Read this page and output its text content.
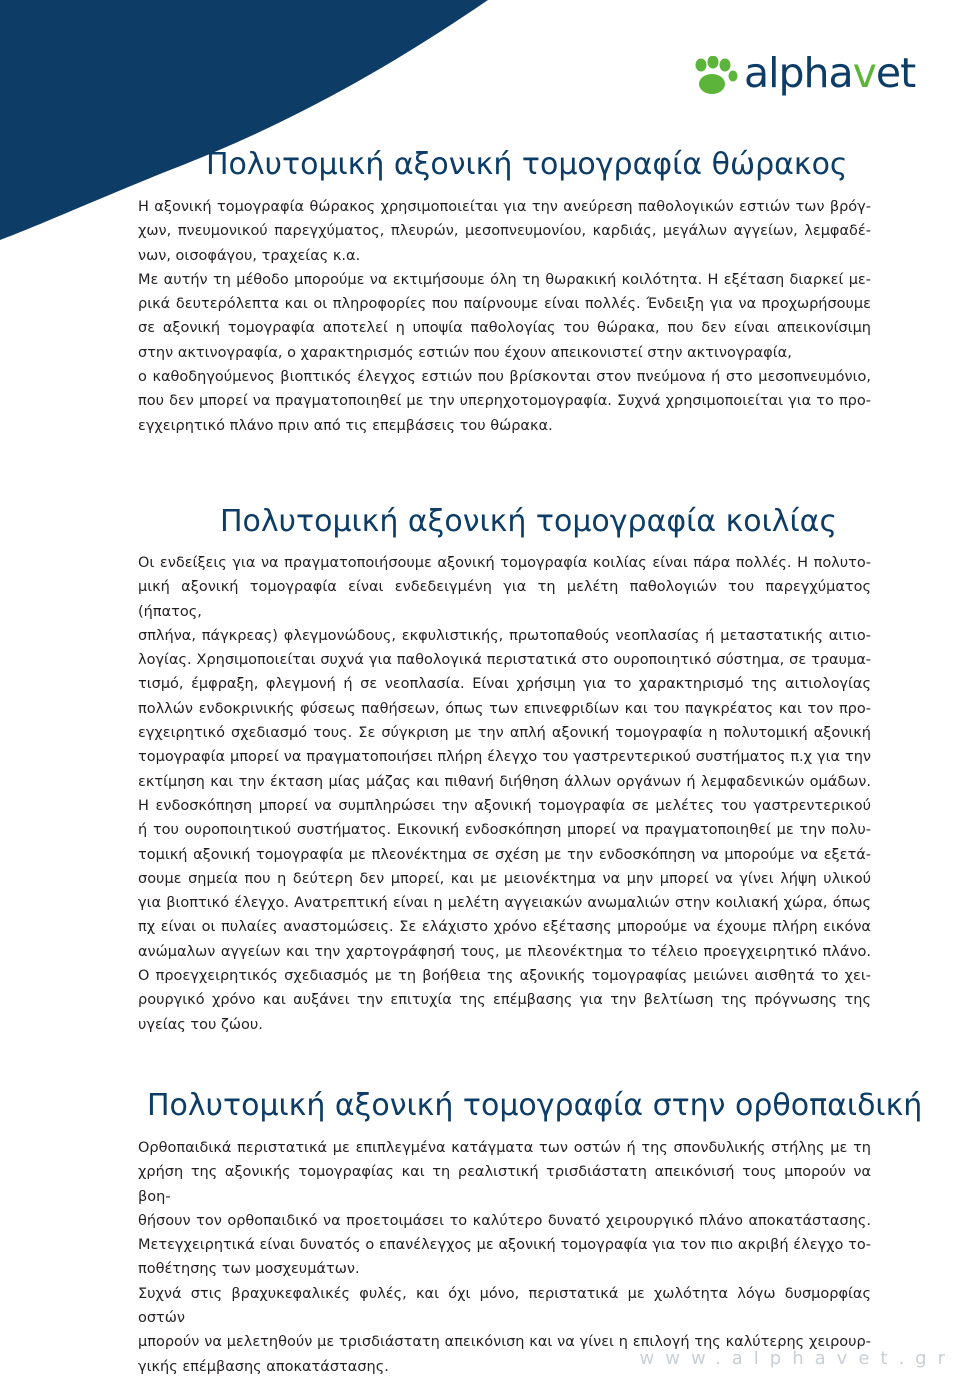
alphavet
Πολυτομική αξονική τομογραφία θώρακος
Η αξονική τομογραφία θώρακος χρησιμοποιείται για την ανεύρεση παθολογικών εστιών των βρόγ-
χων, πνευμονικού παρεγχύματος, πλευρών, μεσοπνευμονίου, καρδιάς, μεγάλων αγγείων, λεμφαδέ-
νων, οισοφάγου, τραχείας κ.α.
Με αυτήν τη μέθοδο μπορούμε να εκτιμήσουμε όλη τη θωρακική κοιλότητα. Η εξέταση διαρκεί με-
ρικά δευτερόλεπτα και οι πληροφορίες που παίρνουμε είναι πολλές. Ένδειξη για να προχωρήσουμε
σε αξονική τομογραφία αποτελεί η υποψία παθολογίας του θώρακα, που δεν είναι απεικονίσιμη
στην ακτινογραφία, ο χαρακτηρισμός εστιών που έχουν απεικονιστεί στην ακτινογραφία,
ο καθοδηγούμενος βιοπτικός έλεγχος εστιών που βρίσκονται στον πνεύμονα ή στο μεσοπνευμόνιο,
που δεν μπορεί να πραγματοποιηθεί με την υπερηχοτομογραφία. Συχνά χρησιμοποιείται για το προ-
εγχειρητικό πλάνο πριν από τις επεμβάσεις του θώρακα.
Πολυτομική αξονική τομογραφία κοιλίας
Οι ενδείξεις για να πραγματοποιήσουμε αξονική τομογραφία κοιλίας είναι πάρα πολλές. Η πολυτο-
μική αξονική τομογραφία είναι ενδεδειγμένη για τη μελέτη παθολογιών του παρεγχύματος (ήπατος,
σπλήνα, πάγκρεας) φλεγμονώδους, εκφυλιστικής, πρωτοπαθούς νεοπλασίας ή μεταστατικής αιτιο-
λογίας. Χρησιμοποιείται συχνά για παθολογικά περιστατικά στο ουροποιητικό σύστημα, σε τραυμα-
τισμό, έμφραξη, φλεγμονή ή σε νεοπλασία. Είναι χρήσιμη για το χαρακτηρισμό της αιτιολογίας
πολλών ενδοκρινικής φύσεως παθήσεων, όπως των επινεφριδίων και του παγκρέατος και τον προ-
εγχειρητικό σχεδιασμό τους. Σε σύγκριση με την απλή αξονική τομογραφία η πολυτομική αξονική
τομογραφία μπορεί να πραγματοποιήσει πλήρη έλεγχο του γαστρεντερικού συστήματος π.χ για την
εκτίμηση και την έκταση μίας μάζας και πιθανή διήθηση άλλων οργάνων ή λεμφαδενικών ομάδων.
Η ενδοσκόπηση μπορεί να συμπληρώσει την αξονική τομογραφία σε μελέτες του γαστρεντερικού
ή του ουροποιητικού συστήματος. Εικονική ενδοσκόπηση μπορεί να πραγματοποιηθεί με την πολυ-
τομική αξονική τομογραφία με πλεονέκτημα σε σχέση με την ενδοσκόπηση να μπορούμε να εξετά-
σουμε σημεία που η δεύτερη δεν μπορεί, και με μειονέκτημα να μην μπορεί να γίνει λήψη υλικού
για βιοπτικό έλεγχο. Ανατρεπτική είναι η μελέτη αγγειακών ανωμαλιών στην κοιλιακή χώρα, όπως
πχ είναι οι πυλαίες αναστομώσεις. Σε ελάχιστο χρόνο εξέτασης μπορούμε να έχουμε πλήρη εικόνα
ανώμαλων αγγείων και την χαρτογράφησή τους, με πλεονέκτημα το τέλειο προεγχειρητικό πλάνο.
Ο προεγχειρητικός σχεδιασμός με τη βοήθεια της αξονικής τομογραφίας μειώνει αισθητά το χει-
ρουργικό χρόνο και αυξάνει την επιτυχία της επέμβασης για την βελτίωση της πρόγνωσης της
υγείας του ζώου.
Πολυτομική αξονική τομογραφία στην ορθοπαιδική
Ορθοπαιδικά περιστατικά με επιπλεγμένα κατάγματα των οστών ή της σπονδυλικής στήλης με τη
χρήση της αξονικής τομογραφίας και τη ρεαλιστική τρισδιάστατη απεικόνισή τους μπορούν να βοη-
θήσουν τον ορθοπαιδικό να προετοιμάσει το καλύτερο δυνατό χειρουργικό πλάνο αποκατάστασης.
Μετεγχειρητικά είναι δυνατός ο επανέλεγχος με αξονική τομογραφία για τον πιο ακριβή έλεγχο το-
ποθέτησης των μοσχευμάτων.
Συχνά στις βραχυκεφαλικές φυλές, και όχι μόνο, περιστατικά με χωλότητα λόγω δυσμορφίας οστών
μπορούν να μελετηθούν με τρισδιάστατη απεικόνιση και να γίνει η επιλογή της καλύτερης χειρουρ-
γικής επέμβασης αποκατάστασης.	www.alphavet.gr
